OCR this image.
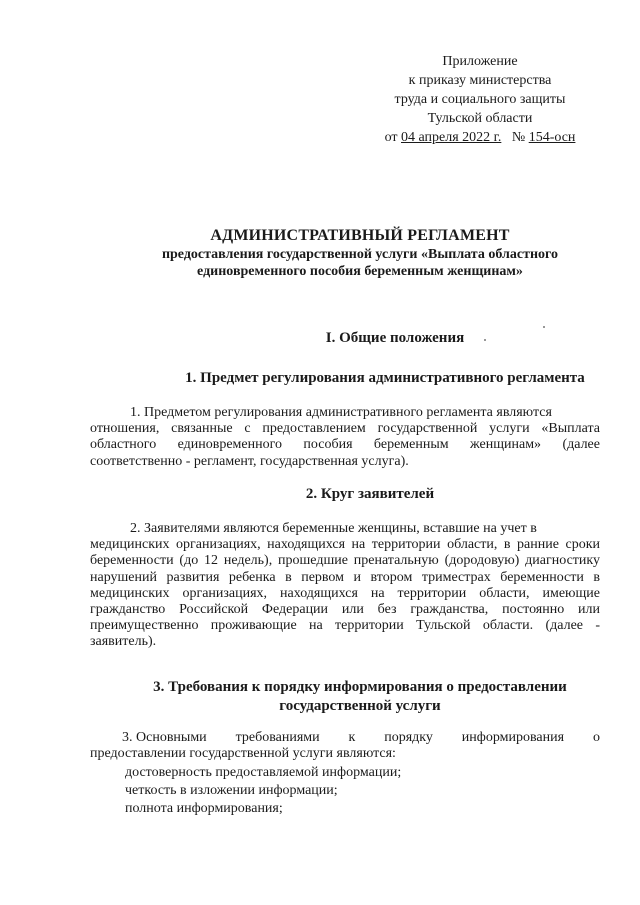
Приложение
к приказу министерства
труда и социального защиты
Тульской области
от 04 апреля 2022 г. № 154-осн
АДМИНИСТРАТИВНЫЙ РЕГЛАМЕНТ
предоставления государственной услуги «Выплата областного
единовременного пособия беременным женщинам»
I. Общие положения
1. Предмет регулирования административного регламента
1. Предметом регулирования административного регламента являются
отношения, связанные с предоставлением государственной услуги «Выплата областного единовременного пособия беременным женщинам» (далее соответственно - регламент, государственная услуга).
2. Круг заявителей
2. Заявителями являются беременные женщины, вставшие на учет в
медицинских организациях, находящихся на территории области, в ранние сроки беременности (до 12 недель), прошедшие пренатальную (дородовую) диагностику нарушений развития ребенка в первом и втором триместрах беременности в медицинских организациях, находящихся на территории области, имеющие гражданство Российской Федерации или без гражданства, постоянно или преимущественно проживающие на территории Тульской области. (далее - заявитель).
3. Требования к порядку информирования о предоставлении
государственной услуги
3. Основными требованиями к порядку информирования о
предоставлении государственной услуги являются:
достоверность предоставляемой информации;
четкость в изложении информации;
полнота информирования;
